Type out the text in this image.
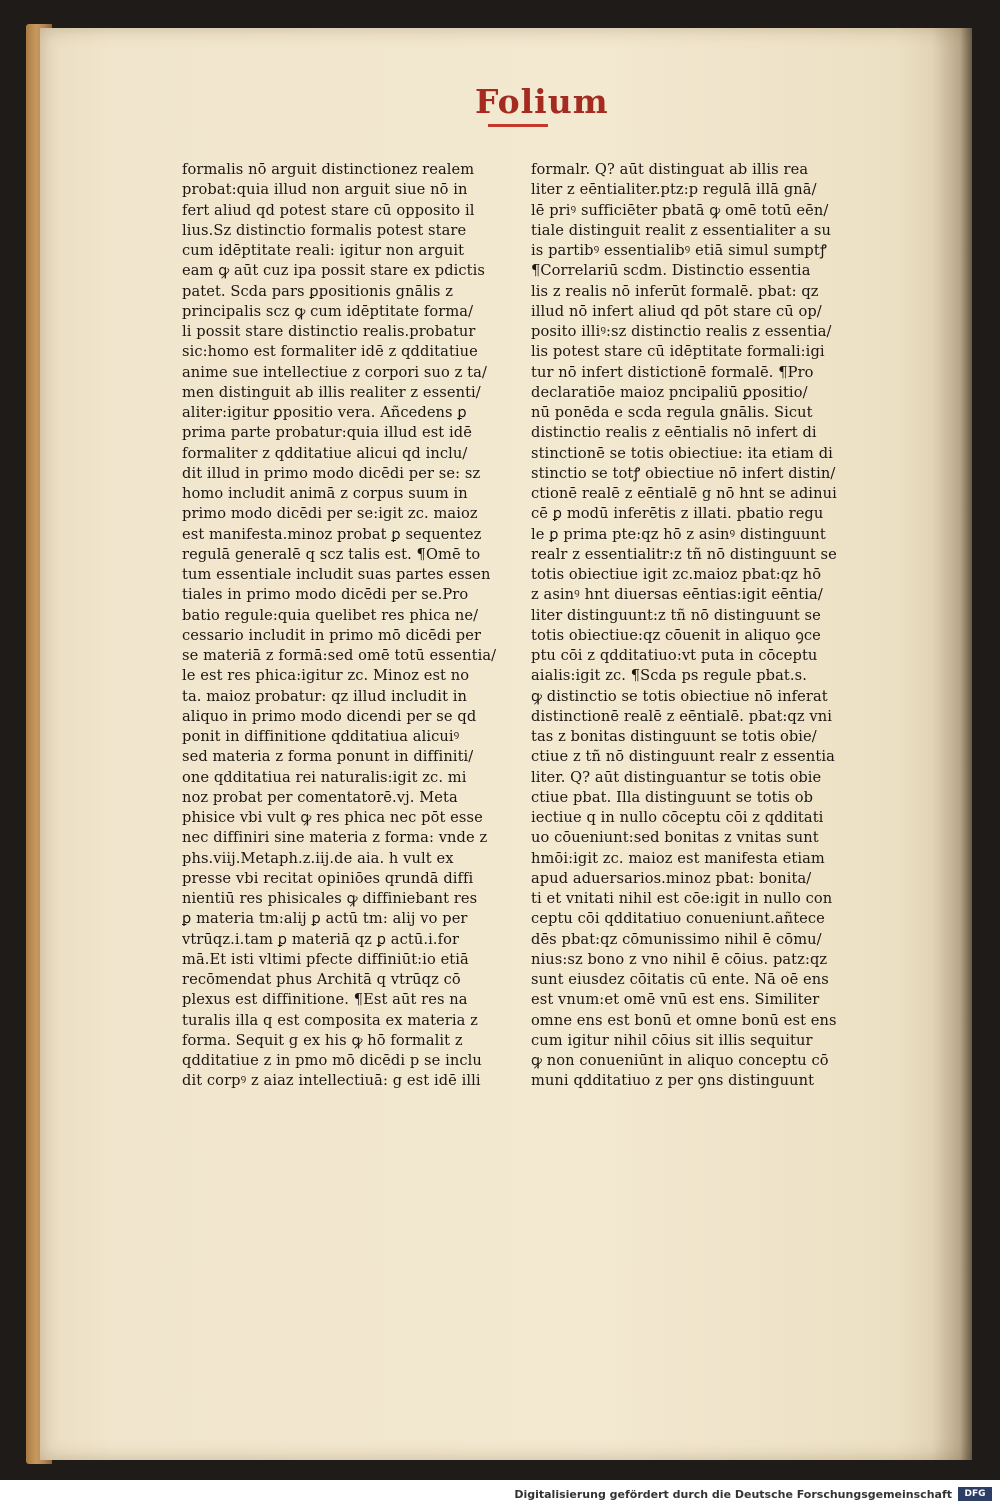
Folium
formalis nō arguit distinctionez realem
probat:quia illud non arguit siue nō in
fert aliud qd potest stare cū opposito il
lius.Sz distinctio formalis potest stare
cum idēptitate reali: igitur non arguit
eam ꝙ aūt cuz ipa possit stare ex pdictis
patet. Scda pars ꝑpositionis gnālis z
principalis scz ꝙ cum idēptitate forma/
li possit stare distinctio realis.probatur
sic:homo est formaliter idē z qdditatiue
anime sue intellectiue z corpori suo z ta/
men distinguit ab illis realiter z essenti/
aliter:igitur ꝑpositio vera. Añcedens ꝑ
prima parte probatur:quia illud est idē
formaliter z qdditatiue alicui qd inclu/
dit illud in primo modo dicēdi per se: sz
homo includit animā z corpus suum in
primo modo dicēdi per se:igit zc. maioz
est manifesta.minoz probat ꝑ sequentez
regulā generalē q scz talis est. ¶Omē to
tum essentiale includit suas partes essen
tiales in primo modo dicēdi per se.Pro
batio regule:quia quelibet res phica ne/
cessario includit in primo mō dicēdi per
se materiā z formā:sed omē totū essentia/
le est res phica:igitur zc. Minoz est no
ta. maioz probatur: qz illud includit in
aliquo in primo modo dicendi per se qd
ponit in diffinitione qdditatiua alicuiꝰ
sed materia z forma ponunt in diffiniti/
one qdditatiua rei naturalis:igit zc. mi
noz probat per comentatorē.vj. Meta
phisice vbi vult ꝙ res phica nec pōt esse
nec diffiniri sine materia z forma: vnde z
phs.viij.Metaph.z.iij.de aia. h vult ex
presse vbi recitat opiniōes qrundā diffi
nientiū res phisicales ꝙ diffiniebant res
ꝑ materia tm:alij ꝑ actū tm: alij vo per
vtrūqz.i.tam ꝑ materiā qz ꝑ actū.i.for
mā.Et isti vltimi pfecte diffiniūt:io etiā
recōmendat phus Architā q vtrūqz cō
plexus est diffinitione. ¶Est aūt res na
turalis illa q est composita ex materia z
forma. Sequit g ex his ꝙ hō formalit z
qdditatiue z in pmo mō dicēdi p se inclu
dit corpꝰ z aiaz intellectiuā: g est idē illi
formalr. Q? aūt distinguat ab illis rea
liter z eēntialiter.ptz:p regulā illā gnā/
lē priꝰ sufficiēter pbatā ꝙ omē totū eēn/
tiale distinguit realit z essentialiter a su
is partibꝰ essentialibꝰ etiā simul sumptꝭ
¶Correlariū scdm. Distinctio essentia
lis z realis nō inferūt formalē. pbat: qz
illud nō infert aliud qd pōt stare cū op/
posito illiꝰ:sz distinctio realis z essentia/
lis potest stare cū idēptitate formali:igi
tur nō infert distictionē formalē. ¶Pro
declaratiōe maioz pncipaliū ꝑpositio/
nū ponēda e scda regula gnālis. Sicut
distinctio realis z eēntialis nō infert di
stinctionē se totis obiectiue: ita etiam di
stinctio se totꝭ obiectiue nō infert distin/
ctionē realē z eēntialē g nō hnt se adinui
cē ꝑ modū inferētis z illati. pbatio regu
le ꝑ prima pte:qz hō z asinꝰ distinguunt
realr z essentialitr:z tñ nō distinguunt se
totis obiectiue igit zc.maioz pbat:qz hō
z asinꝰ hnt diuersas eēntias:igit eēntia/
liter distinguunt:z tñ nō distinguunt se
totis obiectiue:qz cōuenit in aliquo ꝯce
ptu cōi z qdditatiuo:vt puta in cōceptu
aialis:igit zc. ¶Scda ps regule pbat.s.
ꝙ distinctio se totis obiectiue nō inferat
distinctionē realē z eēntialē. pbat:qz vni
tas z bonitas distinguunt se totis obie/
ctiue z tñ nō distinguunt realr z essentia
liter. Q? aūt distinguantur se totis obie
ctiue pbat. Illa distinguunt se totis ob
iectiue q in nullo cōceptu cōi z qdditati
uo cōueniunt:sed bonitas z vnitas sunt
hmōi:igit zc. maioz est manifesta etiam
apud aduersarios.minoz pbat: bonita/
ti et vnitati nihil est cōe:igit in nullo con
ceptu cōi qdditatiuo conueniunt.añtece
dēs pbat:qz cōmunissimo nihil ē cōmu/
nius:sz bono z vno nihil ē cōius. patz:qz
sunt eiusdez cōitatis cū ente. Nā oē ens
est vnum:et omē vnū est ens. Similiter
omne ens est bonū et omne bonū est ens
cum igitur nihil cōius sit illis sequitur
ꝙ non conueniūnt in aliquo conceptu cō
muni qdditatiuo z per ꝯns distinguunt
Digitalisierung gefördert durch die Deutsche Forschungsgemeinschaft	DFG
